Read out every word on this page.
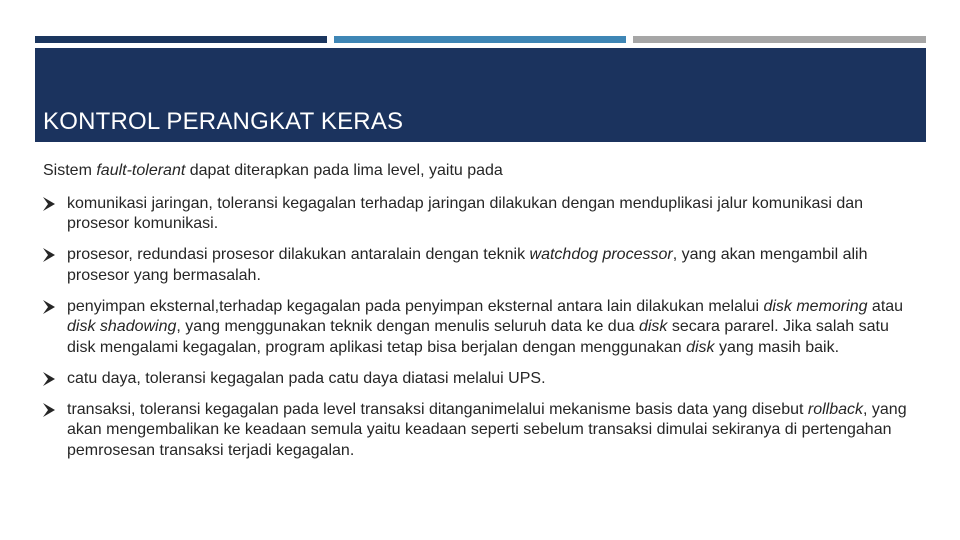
KONTROL PERANGKAT KERAS

Sistem fault-tolerant dapat diterapkan pada lima level, yaitu pada

komunikasi jaringan, toleransi kegagalan terhadap jaringan dilakukan dengan menduplikasi jalur komunikasi dan prosesor komunikasi.
prosesor, redundasi prosesor dilakukan antaralain dengan teknik watchdog processor, yang akan mengambil alih prosesor yang bermasalah.
penyimpan eksternal,terhadap kegagalan pada penyimpan eksternal antara lain dilakukan melalui disk memoring atau disk shadowing, yang menggunakan teknik dengan menulis seluruh data ke dua disk secara pararel. Jika salah satu disk mengalami kegagalan, program aplikasi tetap bisa berjalan dengan menggunakan disk yang masih baik.
catu daya, toleransi kegagalan pada catu daya diatasi melalui UPS.
transaksi, toleransi kegagalan pada level transaksi ditanganimelalui mekanisme basis data yang disebut rollback, yang akan mengembalikan ke keadaan semula yaitu keadaan seperti sebelum transaksi dimulai sekiranya di pertengahan pemrosesan transaksi terjadi kegagalan.
